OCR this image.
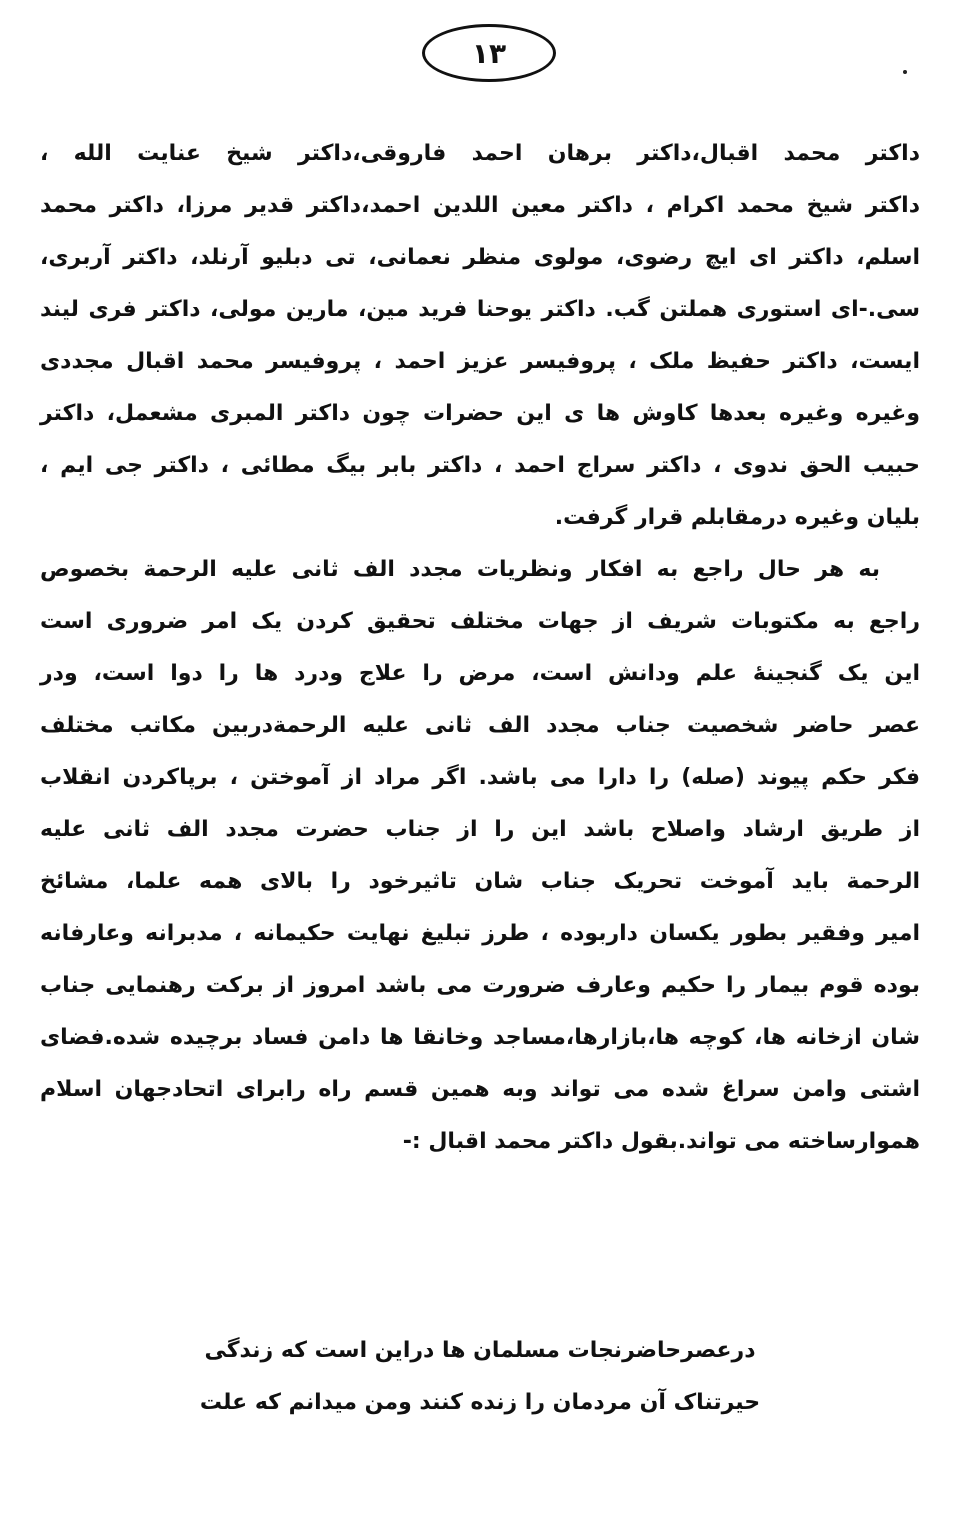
۱۳
داکتر محمد اقبال،داکتر برهان احمد فاروقی،داکتر شیخ عنایت الله ،
داکتر شیخ محمد اکرام ، داکتر معین اللدین احمد،داکتر قدیر مرزا، داکتر محمد
اسلم، داکتر ای ایچ رضوی، مولوی منظر نعمانی، تی دبلیو آرنلد، داکتر آربری،
سی.-ای استوری هملتن گب. داکتر یوحنا فرید مین، مارین مولی، داکتر فری لیند
ایست، داکتر حفیظ ملک ، پروفیسر عزیز احمد ، پروفیسر محمد اقبال مجددی
وغیره وغیره بعدها کاوش ها ی این حضرات چون داکتر المبری مشعمل، داکتر
حبیب الحق ندوی ، داکتر سراج احمد ، داکتر بابر بیگ مطائی ، داکتر جی ایم ،
بلیان وغیره درمقابلم قرار گرفت.
به هر حال راجع به افکار ونظریات مجدد الف ثانی علیه الرحمة بخصوص
راجع به مکتوبات شریف از جهات مختلف تحقیق کردن یک امر ضروری است
این یک گنجینهٔ علم ودانش است، مرض را علاج ودرد ها را دوا است، ودر
عصر حاضر شخصیت جناب مجدد الف ثانی علیه الرحمةدربین مکاتب مختلف
فکر حکم پیوند (صله) را دارا می باشد. اگر مراد از آموختن ، برپاکردن انقلاب
از طریق ارشاد واصلاح باشد این را از جناب حضرت مجدد الف ثانی علیه
الرحمة باید آموخت تحریک جناب شان تاثیرخود را بالای همه علما، مشائخ
امیر وفقیر بطور یکسان داربوده ، طرز تبلیغ نهایت حکیمانه ، مدبرانه وعارفانه
بوده قوم بیمار را حکیم وعارف ضرورت می باشد امروز از برکت رهنمایی جناب
شان ازخانه ها، کوچه ها،بازارها،مساجد وخانقا ها دامن فساد برچیده شده.فضای
اشتی وامن سراغ شده می تواند وبه همین قسم راه رابرای اتحادجهان اسلام
هموارساخته می تواند.بقول داکتر محمد اقبال :-
درعصرحاضرنجات مسلمان ها دراین است که زندگی
حیرتناک آن مردمان را زنده کنند ومن میدانم که علت
